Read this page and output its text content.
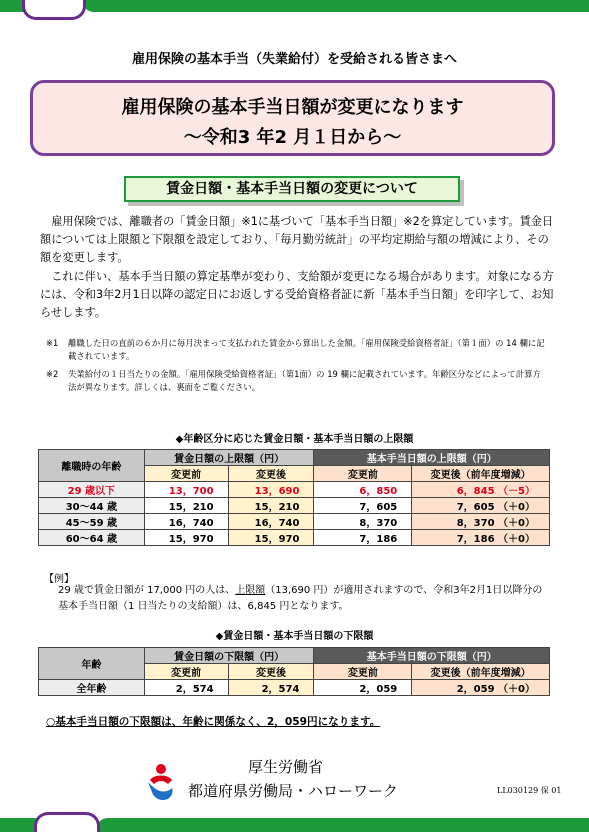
雇用保険の基本手当（失業給付）を受給される皆さまへ
雇用保険の基本手当日額が変更になります
～令和3 年2 月１日から～
賃金日額・基本手当日額の変更について
雇用保険では、離職者の「賃金日額」※1に基づいて「基本手当日額」※2を算定しています。賃金日額については上限額と下限額を設定しており、「毎月勤労統計」の平均定期給与額の増減により、その額を変更します。
これに伴い、基本手当日額の算定基準が変わり、支給額が変更になる場合があります。対象になる方には、令和3年2月1日以降の認定日にお返しする受給資格者証に新「基本手当日額」を印字して、お知らせします。
※1 離職した日の直前の６か月に毎月決まって支払われた賃金から算出した金額。「雇用保険受給資格者証」（第１面）の 14 欄に記載されています。
※2 失業給付の１日当たりの金額。「雇用保険受給資格者証」（第1面）の 19 欄に記載されています。年齢区分などによって計算方法が異なります。詳しくは、裏面をご覧ください。
◆年齢区分に応じた賃金日額・基本手当日額の上限額
離職時の年齢	賃金日額の上限額（円）		基本手当日額の上限額（円）	
	変更前	変更後	変更前	変更後（前年度増減）
29 歳以下	13，700	13，690	6，850	6，845 （－5）
30～44 歳	15，210	15，210	7，605	7，605 （＋0）
45～59 歳	16，740	16，740	8，370	8，370 （＋0）
60～64 歳	15，970	15，970	7，186	7，186 （＋0）
【例】
29 歳で賃金日額が 17,000 円の人は、上限額（13,690 円）が適用されますので、令和3年2月1日以降分の基本手当日額（1 日当たりの支給額）は、6,845 円となります。
◆賃金日額・基本手当日額の下限額
年齢	賃金日額の下限額（円）		基本手当日額の下限額（円）	
	変更前	変更後	変更前	変更後（前年度増減）
全年齢	2，574	2，574	2，059	2，059 （＋0）
○基本手当日額の下限額は、年齢に関係なく、2，059円になります。
厚生労働省
都道府県労働局・ハローワーク	LL030129 保 01
